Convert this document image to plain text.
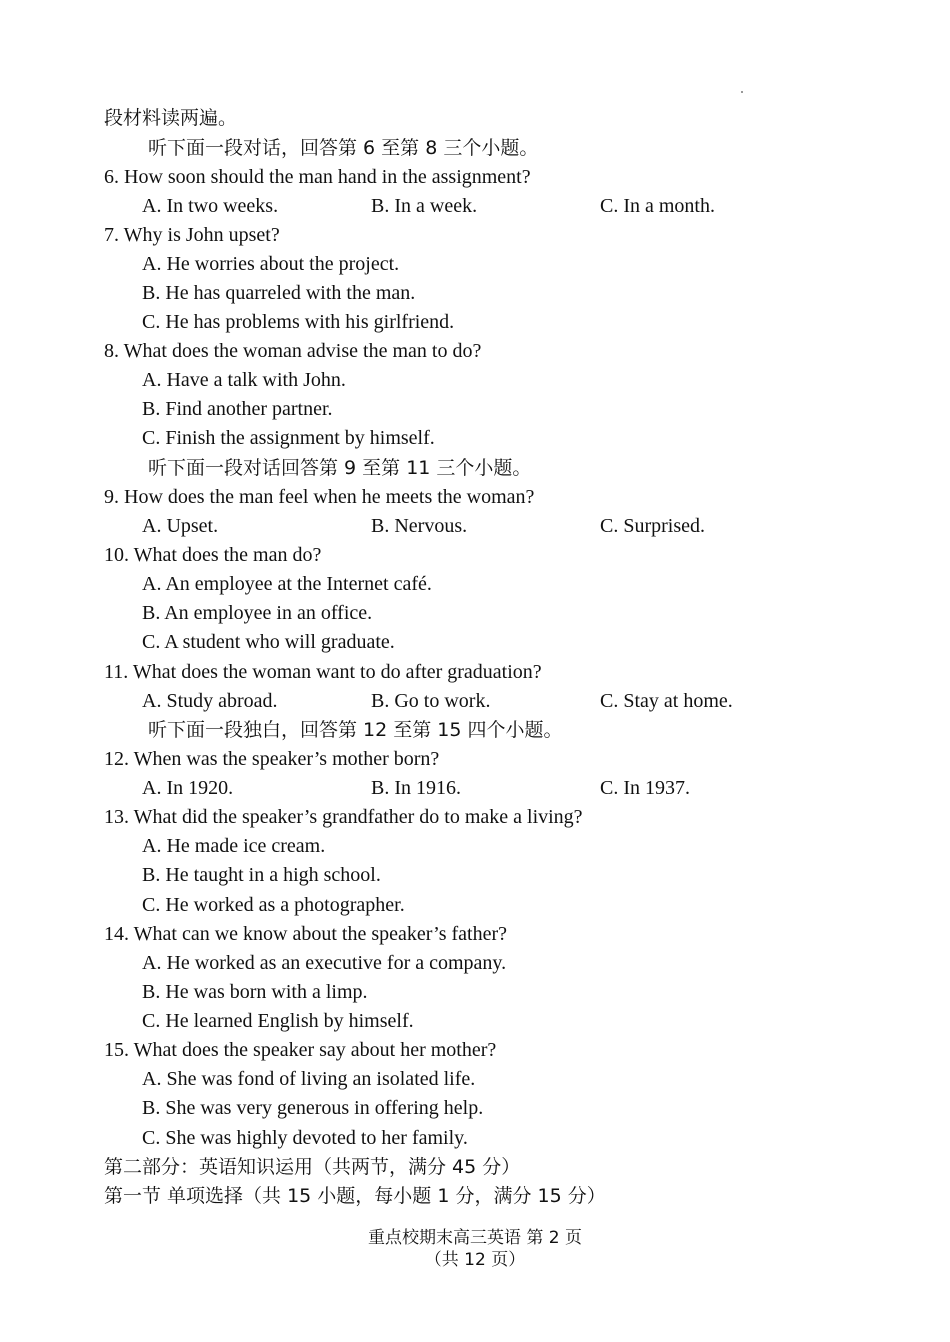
段材料读两遍。
听下面一段对话，回答第 6 至第 8 三个小题。
6. How soon should the man hand in the assignment?
A. In two weeks.	B. In a week.	C. In a month.
7. Why is John upset?
A. He worries about the project.
B. He has quarreled with the man.
C. He has problems with his girlfriend.
8. What does the woman advise the man to do?
A. Have a talk with John.
B. Find another partner.
C. Finish the assignment by himself.
听下面一段对话回答第 9 至第 11 三个小题。
9. How does the man feel when he meets the woman?
A. Upset.	B. Nervous.	C. Surprised.
10. What does the man do?
A. An employee at the Internet café.
B. An employee in an office.
C. A student who will graduate.
11. What does the woman want to do after graduation?
A. Study abroad.	B. Go to work.	C. Stay at home.
听下面一段独白，回答第 12 至第 15 四个小题。
12. When was the speaker’s mother born?
A. In 1920.	B. In 1916.	C. In 1937.
13. What did the speaker’s grandfather do to make a living?
A. He made ice cream.
B. He taught in a high school.
C. He worked as a photographer.
14. What can we know about the speaker’s father?
A. He worked as an executive for a company.
B. He was born with a limp.
C. He learned English by himself.
15. What does the speaker say about her mother?
A. She was fond of living an isolated life.
B. She was very generous in offering help.
C. She was highly devoted to her family.
第二部分：英语知识运用（共两节，满分 45 分）
第一节 单项选择（共 15 小题，每小题 1 分，满分 15 分）
重点校期末高三英语 第 2 页
（共 12 页）
